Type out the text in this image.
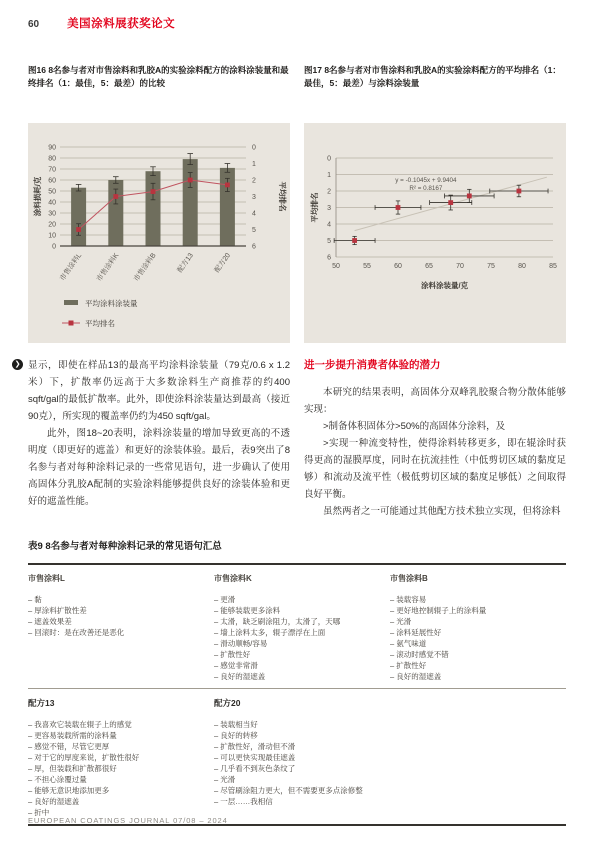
60 美国涂料展获奖论文
图16 8名参与者对市售涂料和乳胶A的实验涂料配方的涂料涂装量和最终排名（1：最佳，5：最差）的比较
0
10
20
30
40
50
60
70
80
90	0
1
2
3
4
5
6
市售涂料L 市售涂料K 市售涂料B	配方13	配方20
涂料损耗/克	平均排名
平均涂料涂装量
平均排名
图17 8名参与者对市售涂料和乳胶A的实验涂料配方的平均排名（1：最佳，5：最差）与涂料涂装量
0
1
2
3
4
5
6
50	55	60	65	70	75	80	85
y = -0.1045x + 9.9404
R² = 0.8167
平均排名
涂料涂装量/克
❯ 显示，即使在样品13的最高平均涂料涂装量（79克/0.6 x 1.2米）下，扩散率仍远高于大多数涂料生产商推荐的约400 sqft/gal的最低扩散率。此外，即使涂料涂装量达到最高（接近90克），所实现的覆盖率仍约为450 sqft/gal。

此外，图18~20表明，涂料涂装量的增加导致更高的不透明度（即更好的遮盖）和更好的涂装体验。最后，表9突出了8名参与者对每种涂料记录的一些常见语句，进一步确认了使用高固体分乳胶A配制的实验涂料能够提供良好的涂装体验和更好的遮盖性能。

进一步提升消费者体验的潜力

本研究的结果表明，高固体分双峰乳胶聚合物分散体能够实现：

>制备体积固体分>50%的高固体分涂料，及

>实现一种流变特性，使得涂料转移更多，即在辊涂时获得更高的湿膜厚度，同时在抗流挂性（中低剪切区域的黏度足够）和流动及流平性（极低剪切区域的黏度足够低）之间取得良好平衡。

虽然两者之一可能通过其他配方技术独立实现，但将涂料

表9 8名参与者对每种涂料记录的常见语句汇总
市售涂料L
– 黏
– 厚涂料扩散性差
– 遮盖效果差
– 回滚时：是在改善还是恶化
市售涂料K
– 更滑
– 能够装载更多涂料
– 太滑，缺乏刷涂阻力，太滑了，天哪
– 墙上涂料太多，辊子漂浮在上面
– 滑动顺畅/容易
– 扩散性好
– 感觉非常滑
– 良好的湿遮盖
市售涂料B
– 装载容易
– 更好地控制辊子上的涂料量
– 光滑
– 涂料延展性好
– 氨气味道
– 滚动时感觉不错
– 扩散性好
– 良好的湿遮盖
配方13
– 我喜欢它装载在辊子上的感觉
– 更容易装载所需的涂料量
– 感觉不错，尽管它更厚
– 对于它的厚度来说，扩散性很好
– 厚，但装载和扩散都很好
– 不担心涂覆过量
– 能够无意识地添加更多
– 良好的湿遮盖
– 折中
配方20
– 装载相当好
– 良好的转移
– 扩散性好，滑动但不滑
– 可以更快实现最佳遮盖
– 几乎看不到灰色条纹了
– 光滑
– 尽管刷涂阻力更大，但不需要更多点涂修整
– 一层……我相信
EUROPEAN COATINGS JOURNAL 07/08 – 2024
